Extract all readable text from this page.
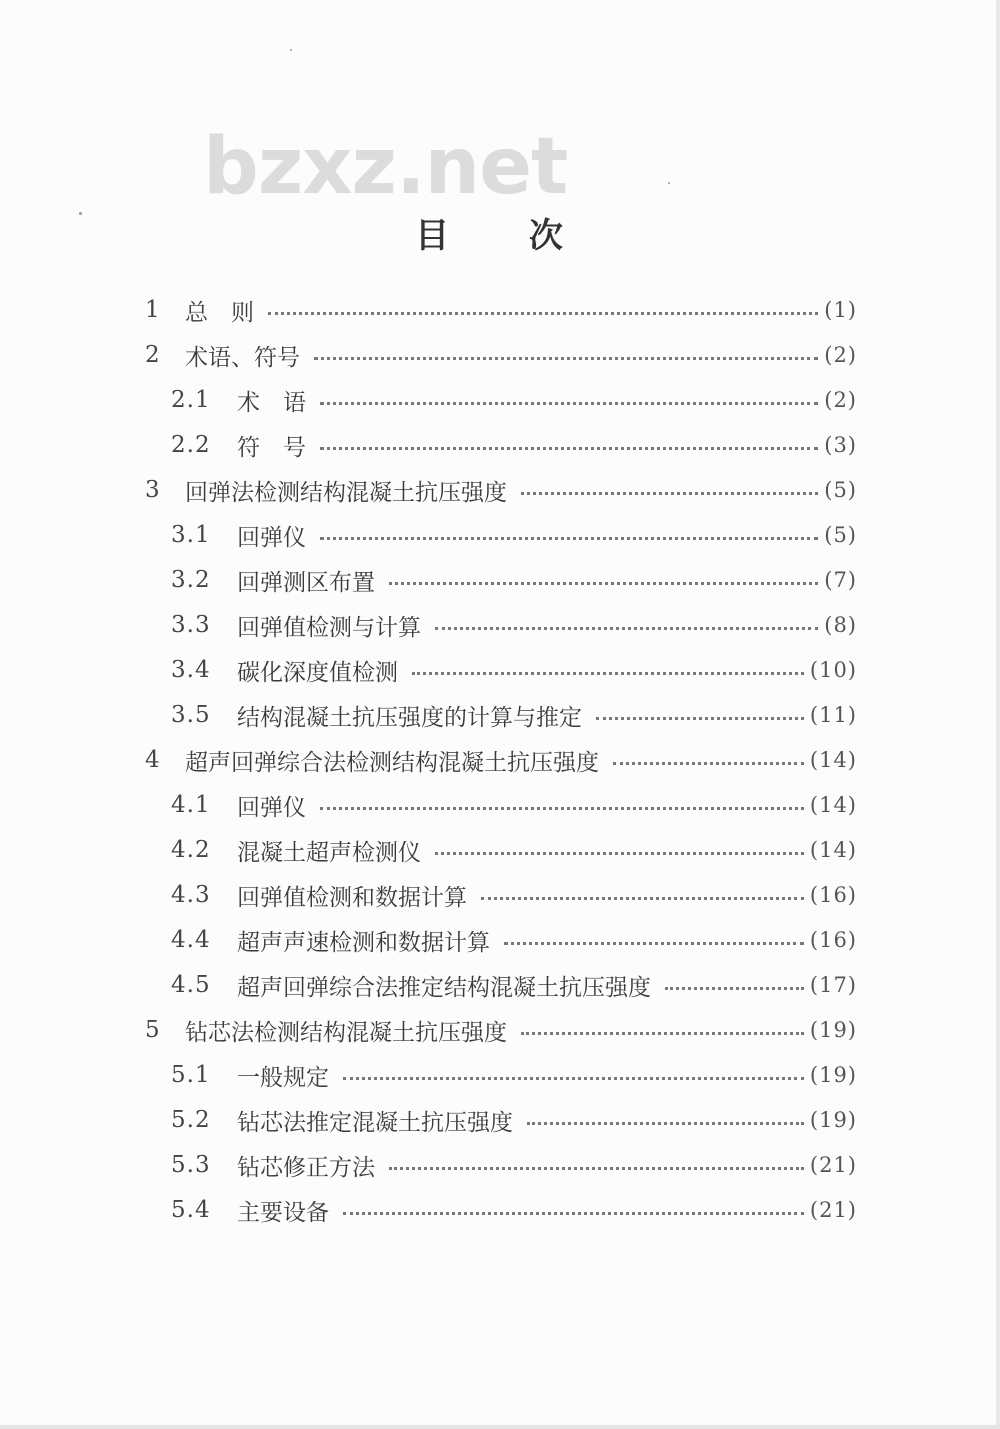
bzxz.net
目 次
1	总　则	(1)
2	术语、符号	(2)
2.1	术　语	(2)
2.2	符　号	(3)
3	回弹法检测结构混凝土抗压强度	(5)
3.1	回弹仪	(5)
3.2	回弹测区布置	(7)
3.3	回弹值检测与计算	(8)
3.4	碳化深度值检测	(10)
3.5	结构混凝土抗压强度的计算与推定	(11)
4	超声回弹综合法检测结构混凝土抗压强度	(14)
4.1	回弹仪	(14)
4.2	混凝土超声检测仪	(14)
4.3	回弹值检测和数据计算	(16)
4.4	超声声速检测和数据计算	(16)
4.5	超声回弹综合法推定结构混凝土抗压强度	(17)
5	钻芯法检测结构混凝土抗压强度	(19)
5.1	一般规定	(19)
5.2	钻芯法推定混凝土抗压强度	(19)
5.3	钻芯修正方法	(21)
5.4	主要设备	(21)
